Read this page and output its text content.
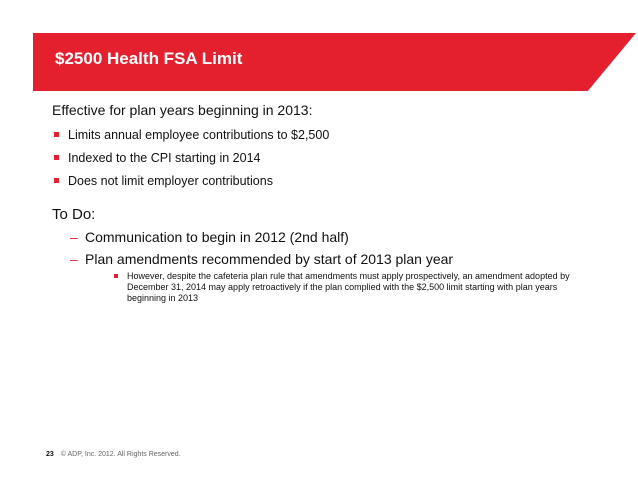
$2500 Health FSA Limit

Effective for plan years beginning in 2013:

Limits annual employee contributions to $2,500
Indexed to the CPI starting in 2014
Does not limit employer contributions

To Do:

– Communication to begin in 2012 (2nd half)
– Plan amendments recommended by start of 2013 plan year
However, despite the cafeteria plan rule that amendments must apply prospectively, an amendment adopted by December 31, 2014 may apply retroactively if the plan complied with the $2,500 limit starting with plan years beginning in 2013
23 © ADP, Inc. 2012. All Rights Reserved.
